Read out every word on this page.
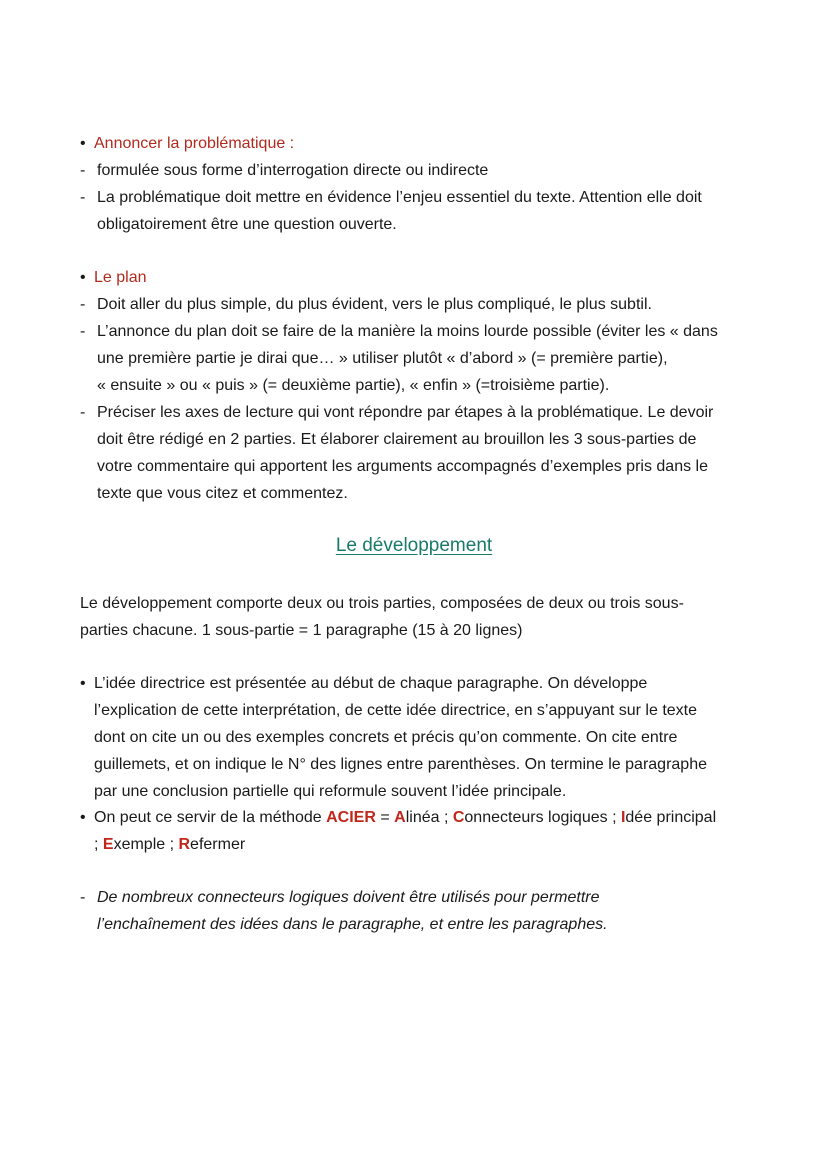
• Annoncer la problématique :
- formulée sous forme d’interrogation directe ou indirecte
- La problématique doit mettre en évidence l’enjeu essentiel du texte. Attention elle doit
obligatoirement être une question ouverte.
• Le plan
- Doit aller du plus simple, du plus évident, vers le plus compliqué, le plus subtil.
- L’annonce du plan doit se faire de la manière la moins lourde possible (éviter les « dans
une première partie je dirai que… » utiliser plutôt « d’abord » (= première partie),
« ensuite » ou « puis » (= deuxième partie), « enfin » (=troisième partie).
- Préciser les axes de lecture qui vont répondre par étapes à la problématique. Le devoir
doit être rédigé en 2 parties. Et élaborer clairement au brouillon les 3 sous-parties de
votre commentaire qui apportent les arguments accompagnés d’exemples pris dans le
texte que vous citez et commentez.
Le développement
Le développement comporte deux ou trois parties, composées de deux ou trois sous-
parties chacune. 1 sous-partie = 1 paragraphe (15 à 20 lignes)
• L’idée directrice est présentée au début de chaque paragraphe. On développe
l’explication de cette interprétation, de cette idée directrice, en s’appuyant sur le texte
dont on cite un ou des exemples concrets et précis qu’on commente. On cite entre
guillemets, et on indique le N° des lignes entre parenthèses. On termine le paragraphe
par une conclusion partielle qui reformule souvent l’idée principale.
• On peut ce servir de la méthode ACIER = Alinéa ; Connecteurs logiques ; Idée principal
; Exemple ; Refermer
- De nombreux connecteurs logiques doivent être utilisés pour permettre
l’enchaînement des idées dans le paragraphe, et entre les paragraphes.
